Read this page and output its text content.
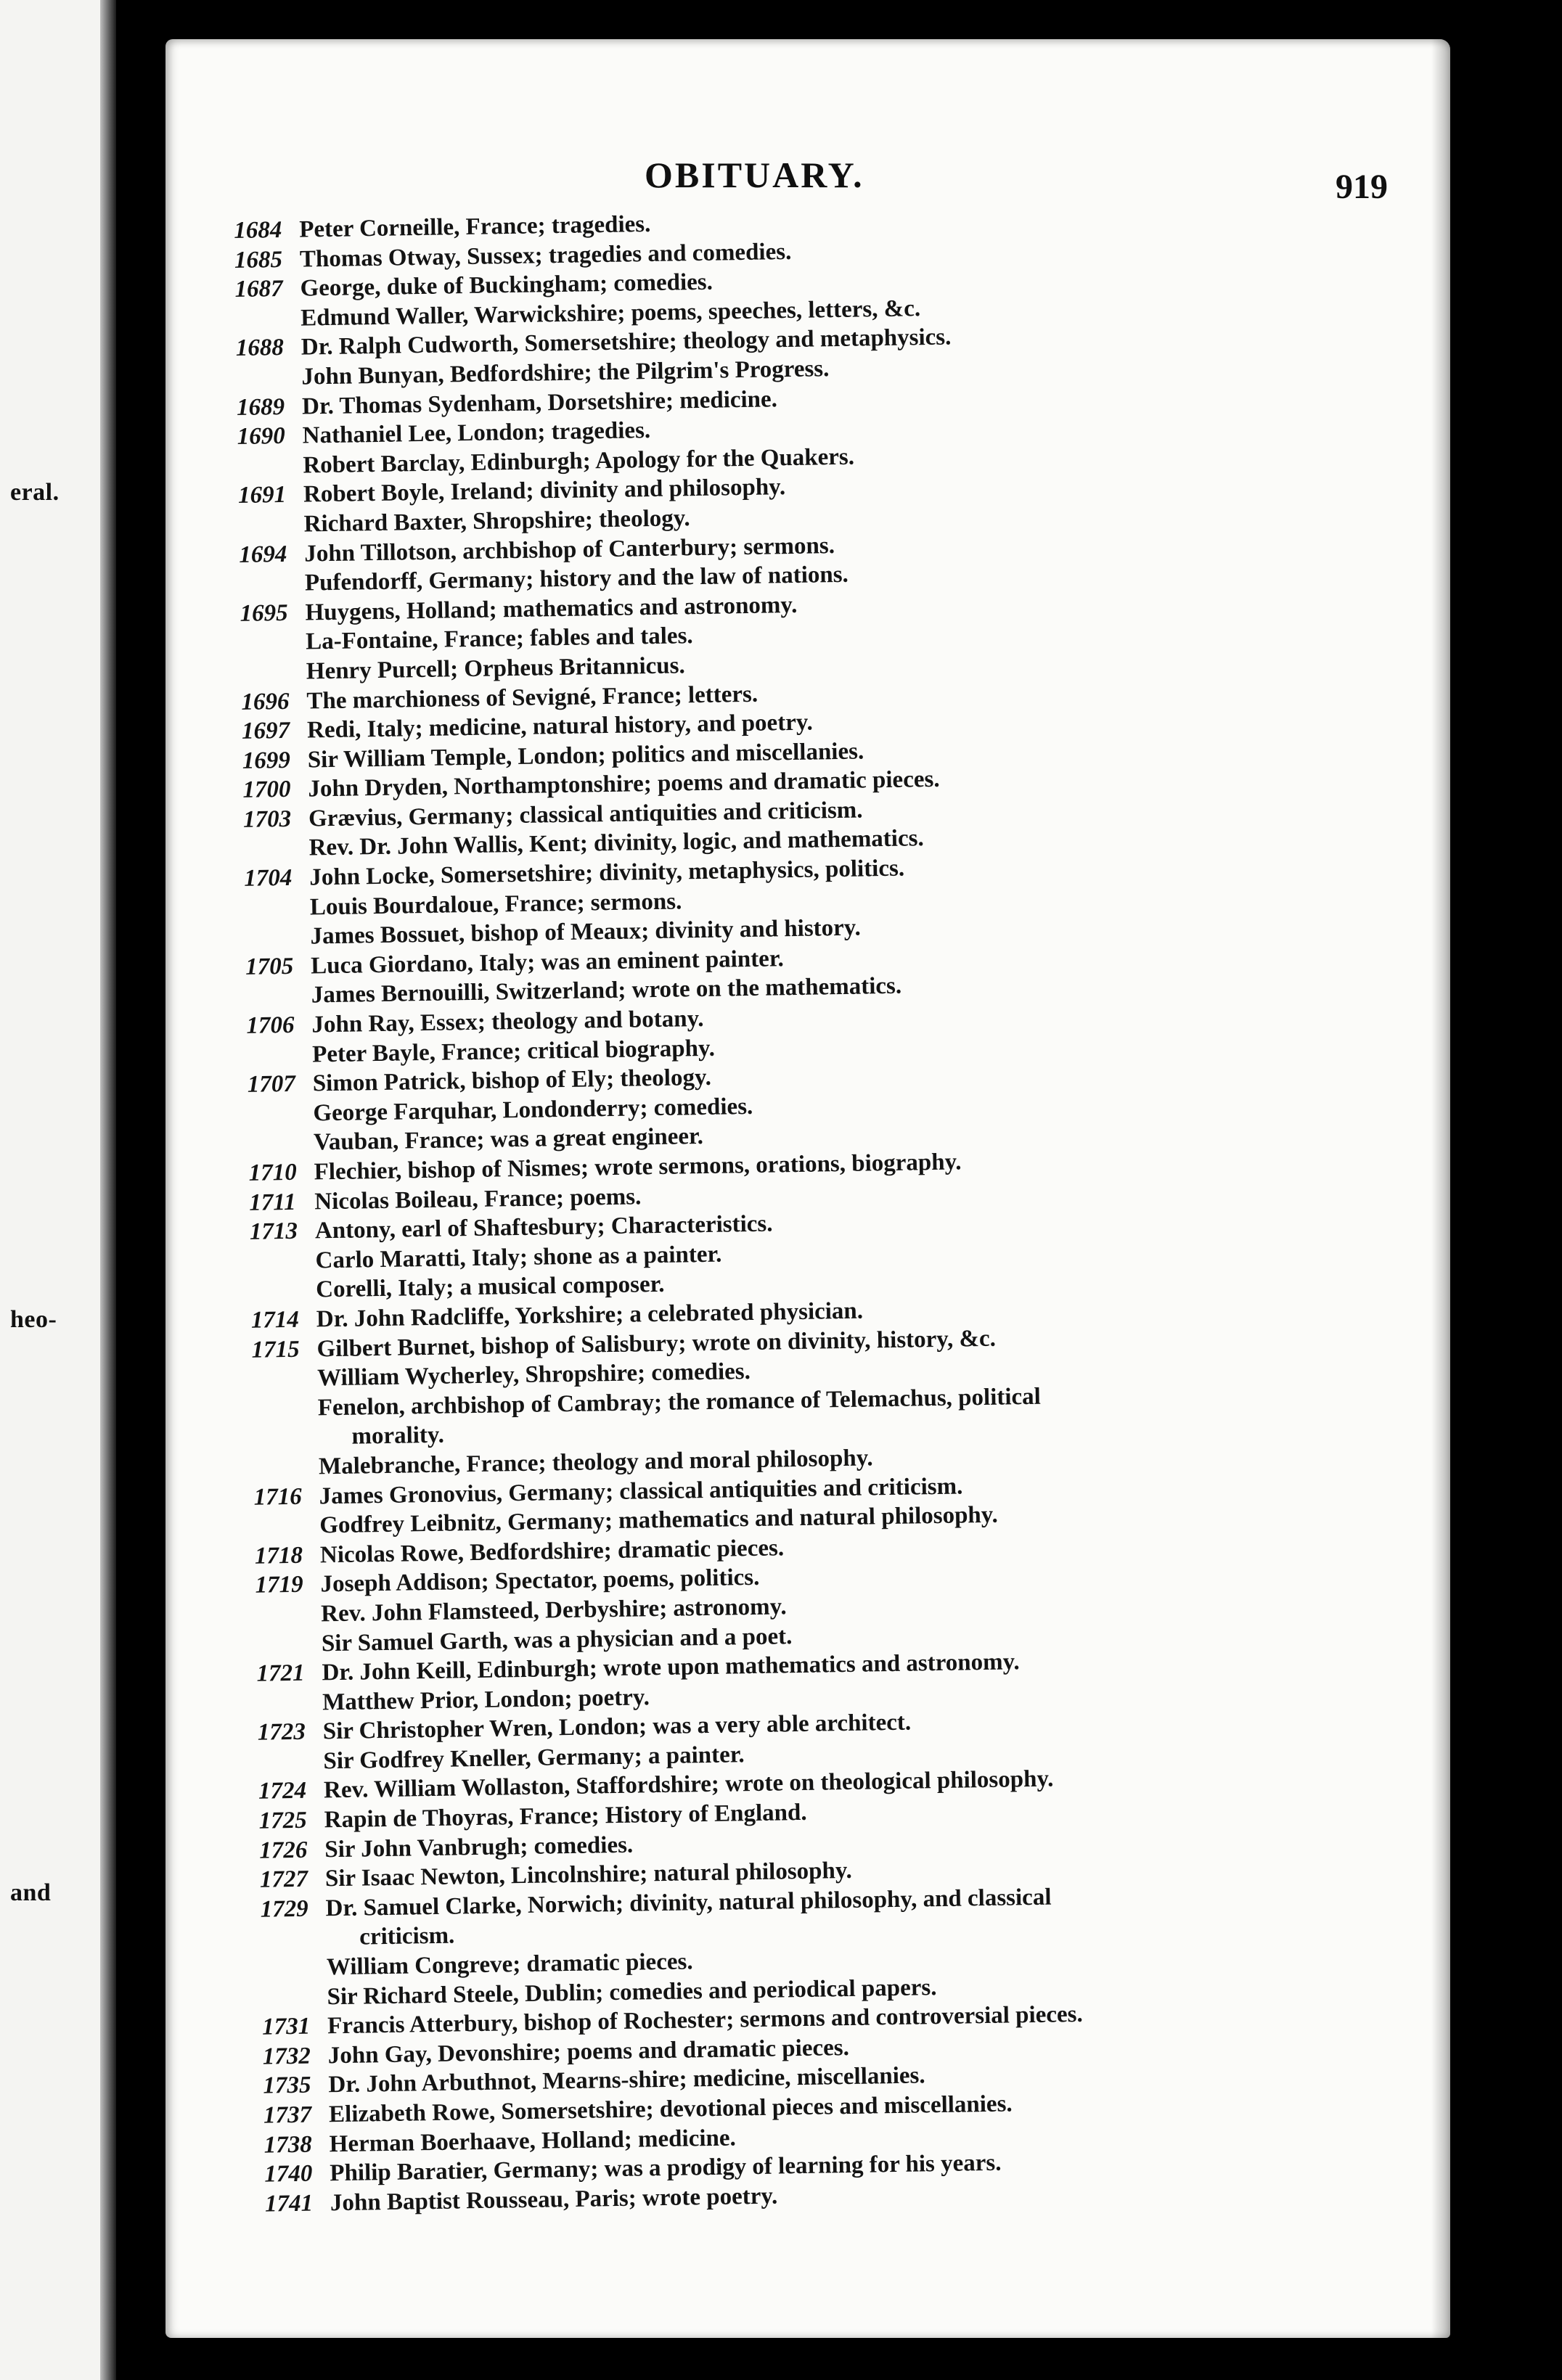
eral.
heo-
and
OBITUARY.	919
1684 Peter Corneille, France; tragedies.
1685 Thomas Otway, Sussex; tragedies and comedies.
1687 George, duke of Buckingham; comedies.
Edmund Waller, Warwickshire; poems, speeches, letters, &c.
1688 Dr. Ralph Cudworth, Somersetshire; theology and metaphysics.
John Bunyan, Bedfordshire; the Pilgrim's Progress.
1689 Dr. Thomas Sydenham, Dorsetshire; medicine.
1690 Nathaniel Lee, London; tragedies.
Robert Barclay, Edinburgh; Apology for the Quakers.
1691 Robert Boyle, Ireland; divinity and philosophy.
Richard Baxter, Shropshire; theology.
1694 John Tillotson, archbishop of Canterbury; sermons.
Pufendorff, Germany; history and the law of nations.
1695 Huygens, Holland; mathematics and astronomy.
La-Fontaine, France; fables and tales.
Henry Purcell; Orpheus Britannicus.
1696 The marchioness of Sevigné, France; letters.
1697 Redi, Italy; medicine, natural history, and poetry.
1699 Sir William Temple, London; politics and miscellanies.
1700 John Dryden, Northamptonshire; poems and dramatic pieces.
1703 Grævius, Germany; classical antiquities and criticism.
Rev. Dr. John Wallis, Kent; divinity, logic, and mathematics.
1704 John Locke, Somersetshire; divinity, metaphysics, politics.
Louis Bourdaloue, France; sermons.
James Bossuet, bishop of Meaux; divinity and history.
1705 Luca Giordano, Italy; was an eminent painter.
James Bernouilli, Switzerland; wrote on the mathematics.
1706 John Ray, Essex; theology and botany.
Peter Bayle, France; critical biography.
1707 Simon Patrick, bishop of Ely; theology.
George Farquhar, Londonderry; comedies.
Vauban, France; was a great engineer.
1710 Flechier, bishop of Nismes; wrote sermons, orations, biography.
1711 Nicolas Boileau, France; poems.
1713 Antony, earl of Shaftesbury; Characteristics.
Carlo Maratti, Italy; shone as a painter.
Corelli, Italy; a musical composer.
1714 Dr. John Radcliffe, Yorkshire; a celebrated physician.
1715 Gilbert Burnet, bishop of Salisbury; wrote on divinity, history, &c.
William Wycherley, Shropshire; comedies.
Fenelon, archbishop of Cambray; the romance of Telemachus, political
morality.
Malebranche, France; theology and moral philosophy.
1716 James Gronovius, Germany; classical antiquities and criticism.
Godfrey Leibnitz, Germany; mathematics and natural philosophy.
1718 Nicolas Rowe, Bedfordshire; dramatic pieces.
1719 Joseph Addison; Spectator, poems, politics.
Rev. John Flamsteed, Derbyshire; astronomy.
Sir Samuel Garth, was a physician and a poet.
1721 Dr. John Keill, Edinburgh; wrote upon mathematics and astronomy.
Matthew Prior, London; poetry.
1723 Sir Christopher Wren, London; was a very able architect.
Sir Godfrey Kneller, Germany; a painter.
1724 Rev. William Wollaston, Staffordshire; wrote on theological philosophy.
1725 Rapin de Thoyras, France; History of England.
1726 Sir John Vanbrugh; comedies.
1727 Sir Isaac Newton, Lincolnshire; natural philosophy.
1729 Dr. Samuel Clarke, Norwich; divinity, natural philosophy, and classical
criticism.
William Congreve; dramatic pieces.
Sir Richard Steele, Dublin; comedies and periodical papers.
1731 Francis Atterbury, bishop of Rochester; sermons and controversial pieces.
1732 John Gay, Devonshire; poems and dramatic pieces.
1735 Dr. John Arbuthnot, Mearns-shire; medicine, miscellanies.
1737 Elizabeth Rowe, Somersetshire; devotional pieces and miscellanies.
1738 Herman Boerhaave, Holland; medicine.
1740 Philip Baratier, Germany; was a prodigy of learning for his years.
1741 John Baptist Rousseau, Paris; wrote poetry.
